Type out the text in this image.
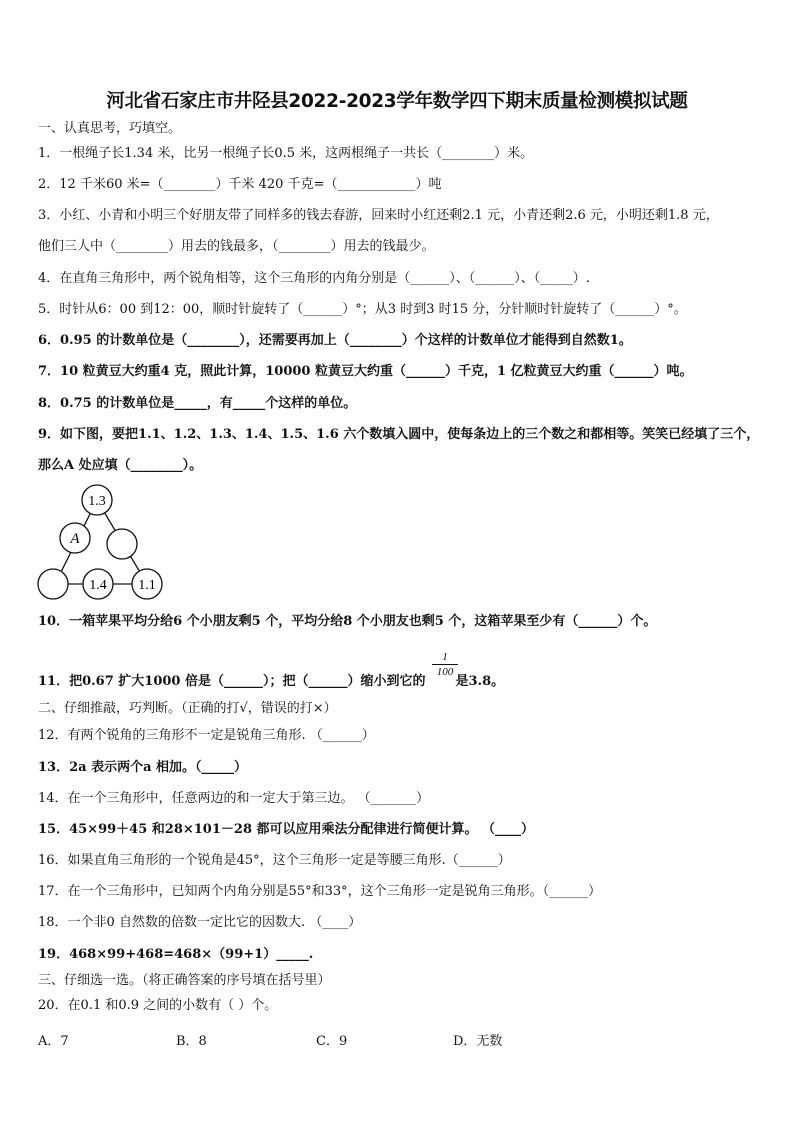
河北省石家庄市井陉县2022-2023学年数学四下期末质量检测模拟试题
一、认真思考，巧填空。
1．一根绳子长1.34 米，比另一根绳子长0.5 米，这两根绳子一共长（________）米。
2．12 千米60 米=（________）千米 420 千克=（____________）吨
3．小红、小青和小明三个好朋友带了同样多的钱去春游，回来时小红还剩2.1 元，小青还剩2.6 元，小明还剩1.8 元，
他们三人中（________）用去的钱最多，（________）用去的钱最少。
4．在直角三角形中，两个锐角相等，这个三角形的内角分别是（______）、（______）、（_____）.
5．时针从6：00 到12：00，顺时针旋转了（______）°；从3 时到3 时15 分，分针顺时针旋转了（______）°。
6．0.95 的计数单位是（________），还需要再加上（________）个这样的计数单位才能得到自然数1。
7．10 粒黄豆大约重4 克，照此计算，10000 粒黄豆大约重（______）千克，1 亿粒黄豆大约重（______）吨。
8．0.75 的计数单位是_____，有_____个这样的单位。
9．如下图，要把1.1、1.2、1.3、1.4、1.5、1.6 六个数填入圆中，使每条边上的三个数之和都相等。笑笑已经填了三个，
那么A 处应填（________）。
1.3
A
1.4 1.1
10．一箱苹果平均分给6 个小朋友剩5 个，平均分给8 个小朋友也剩5 个，这箱苹果至少有（______）个。
11．把0.67 扩大1000 倍是（______）；把（______）缩小到它的 是3.8。
$\frac{1}{100}$
二、仔细推敲，巧判断。（正确的打√，错误的打×）
12．有两个锐角的三角形不一定是锐角三角形. （______）
13．2a 表示两个a 相加。（_____）
14．在一个三角形中，任意两边的和一定大于第三边。 （_______）
15．45×99＋45 和28×101－28 都可以应用乘法分配律进行简便计算。 （____）
16．如果直角三角形的一个锐角是45°，这个三角形一定是等腰三角形.（______）
17．在一个三角形中，已知两个内角分别是55°和33°，这个三角形一定是锐角三角形。（______）
18．一个非0 自然数的倍数一定比它的因数大. （____）
19．468×99+468=468×（99+1）_____.
三、仔细选一选。（将正确答案的序号填在括号里）
20．在0.1 和0.9 之间的小数有（ ）个。
A．7	B．8	C．9	D．无数
